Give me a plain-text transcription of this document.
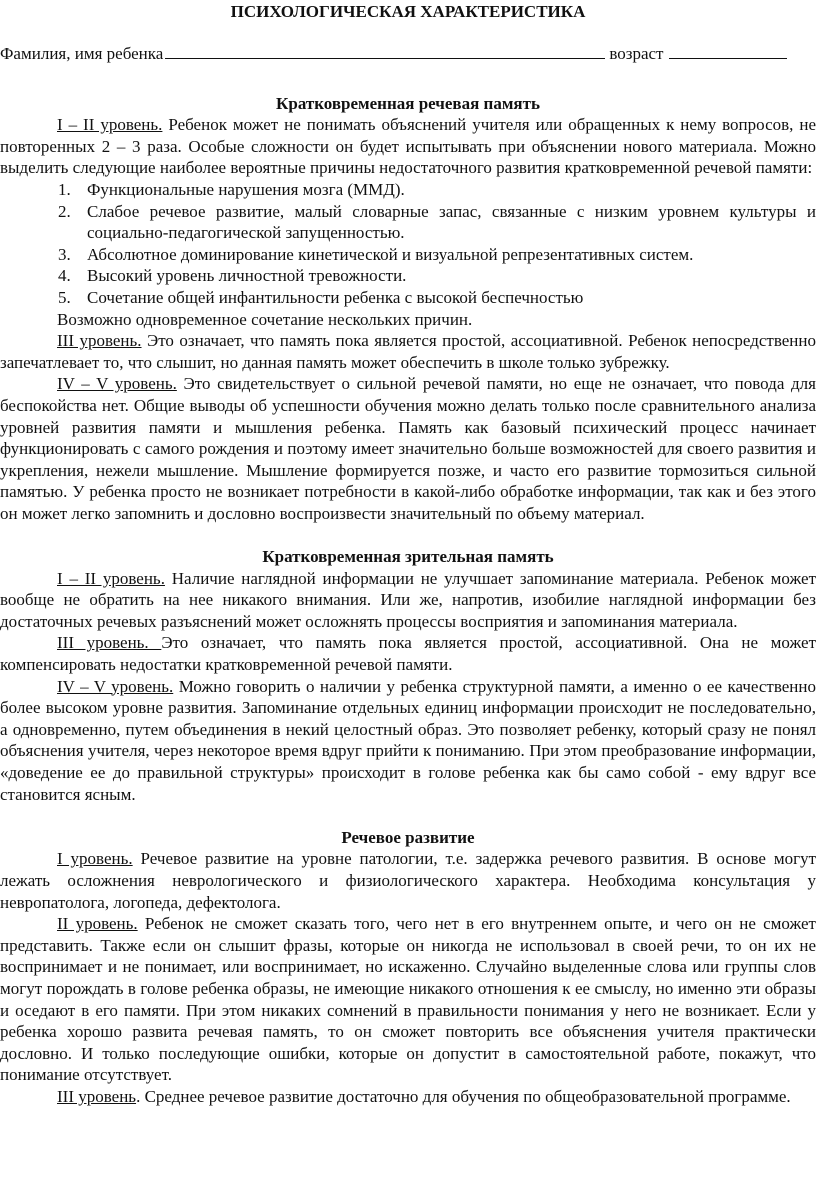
ПСИХОЛОГИЧЕСКАЯ ХАРАКТЕРИСТИКА
Фамилия, имя ребенка	возраст
Кратковременная речевая память

I – II уровень. Ребенок может не понимать объяснений учителя или обращенных к нему вопросов, не повторенных 2 – 3 раза. Особые сложности он будет испытывать при объяснении нового материала. Можно выделить следующие наиболее вероятные причины недостаточного развития кратковременной речевой памяти:

1. Функциональные нарушения мозга (ММД).
2. Слабое речевое развитие, малый словарные запас, связанные с низким уровнем культуры и социально-педагогической запущенностью.
3. Абсолютное доминирование кинетической и визуальной репрезентативных систем.
4. Высокий уровень личностной тревожности.
5. Сочетание общей инфантильности ребенка с высокой беспечностью

Возможно одновременное сочетание нескольких причин.

III уровень. Это означает, что память пока является простой, ассоциативной. Ребенок непосредственно запечатлевает то, что слышит, но данная память может обеспечить в школе только зубрежку.

IV – V уровень. Это свидетельствует о сильной речевой памяти, но еще не означает, что повода для беспокойства нет. Общие выводы об успешности обучения можно делать только после сравнительного анализа уровней развития памяти и мышления ребенка. Память как базовый психический процесс начинает функционировать с самого рождения и поэтому имеет значительно больше возможностей для своего развития и укрепления, нежели мышление. Мышление формируется позже, и часто его развитие тормозиться сильной памятью. У ребенка просто не возникает потребности в какой-либо обработке информации, так как и без этого он может легко запомнить и дословно воспроизвести значительный по объему материал.

Кратковременная зрительная память

I – II уровень. Наличие наглядной информации не улучшает запоминание материала. Ребенок может вообще не обратить на нее никакого внимания. Или же, напротив, изобилие наглядной информации без достаточных речевых разъяснений может осложнять процессы восприятия и запоминания материала.

III уровень. Это означает, что память пока является простой, ассоциативной. Она не может компенсировать недостатки кратковременной речевой памяти.

IV – V уровень. Можно говорить о наличии у ребенка структурной памяти, а именно о ее качественно более высоком уровне развития. Запоминание отдельных единиц информации происходит не последовательно, а одновременно, путем объединения в некий целостный образ. Это позволяет ребенку, который сразу не понял объяснения учителя, через некоторое время вдруг прийти к пониманию. При этом преобразование информации, «доведение ее до правильной структуры» происходит в голове ребенка как бы само собой - ему вдруг все становится ясным.

Речевое развитие

I уровень. Речевое развитие на уровне патологии, т.е. задержка речевого развития. В основе могут лежать осложнения неврологического и физиологического характера. Необходима консультация у невропатолога, логопеда, дефектолога.

II уровень. Ребенок не сможет сказать того, чего нет в его внутреннем опыте, и чего он не сможет представить. Также если он слышит фразы, которые он никогда не использовал в своей речи, то он их не воспринимает и не понимает, или воспринимает, но искаженно. Случайно выделенные слова или группы слов могут порождать в голове ребенка образы, не имеющие никакого отношения к ее смыслу, но именно эти образы и оседают в его памяти. При этом никаких сомнений в правильности понимания у него не возникает. Если у ребенка хорошо развита речевая память, то он сможет повторить все объяснения учителя практически дословно. И только последующие ошибки, которые он допустит в самостоятельной работе, покажут, что понимание отсутствует.

III уровень. Среднее речевое развитие достаточно для обучения по общеобразовательной программе.
